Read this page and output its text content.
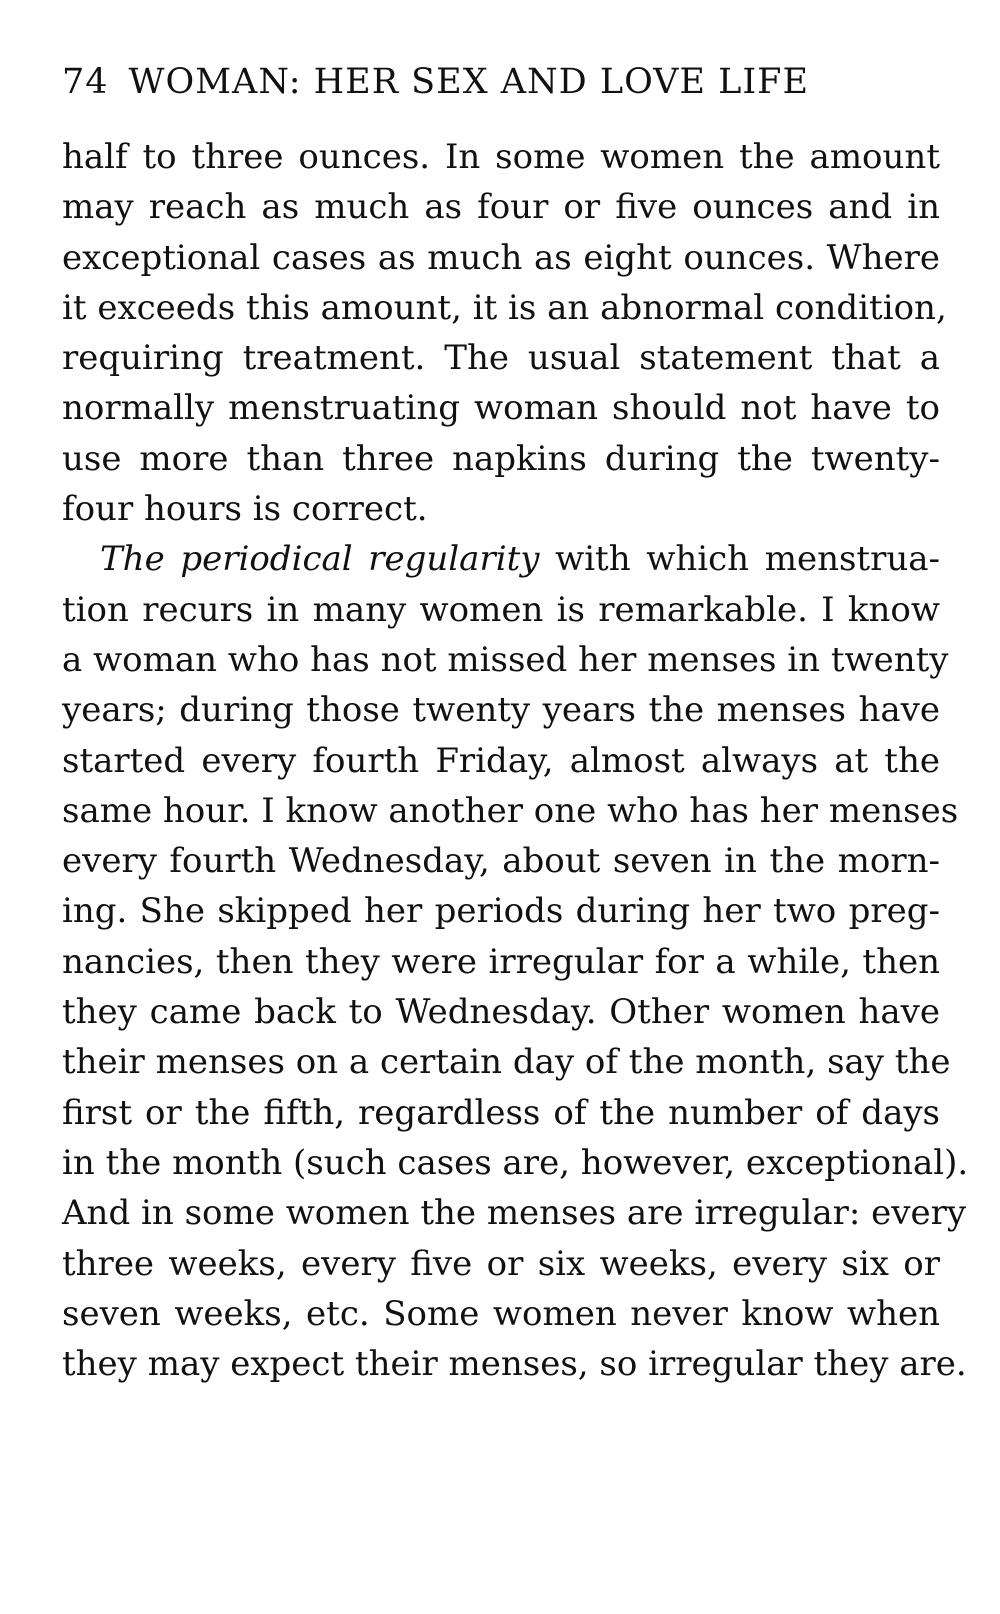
74 WOMAN: HER SEX AND LOVE LIFE
half to three ounces. In some women the amount
may reach as much as four or five ounces and in
exceptional cases as much as eight ounces. Where
it exceeds this amount, it is an abnormal condition,
requiring treatment. The usual statement that a
normally menstruating woman should not have to
use more than three napkins during the twenty-
four hours is correct.
The periodical regularity with which menstrua-
tion recurs in many women is remarkable. I know
a woman who has not missed her menses in twenty
years; during those twenty years the menses have
started every fourth Friday, almost always at the
same hour. I know another one who has her menses
every fourth Wednesday, about seven in the morn-
ing. She skipped her periods during her two preg-
nancies, then they were irregular for a while, then
they came back to Wednesday. Other women have
their menses on a certain day of the month, say the
first or the fifth, regardless of the number of days
in the month (such cases are, however, exceptional).
And in some women the menses are irregular: every
three weeks, every five or six weeks, every six or
seven weeks, etc. Some women never know when
they may expect their menses, so irregular they are.
